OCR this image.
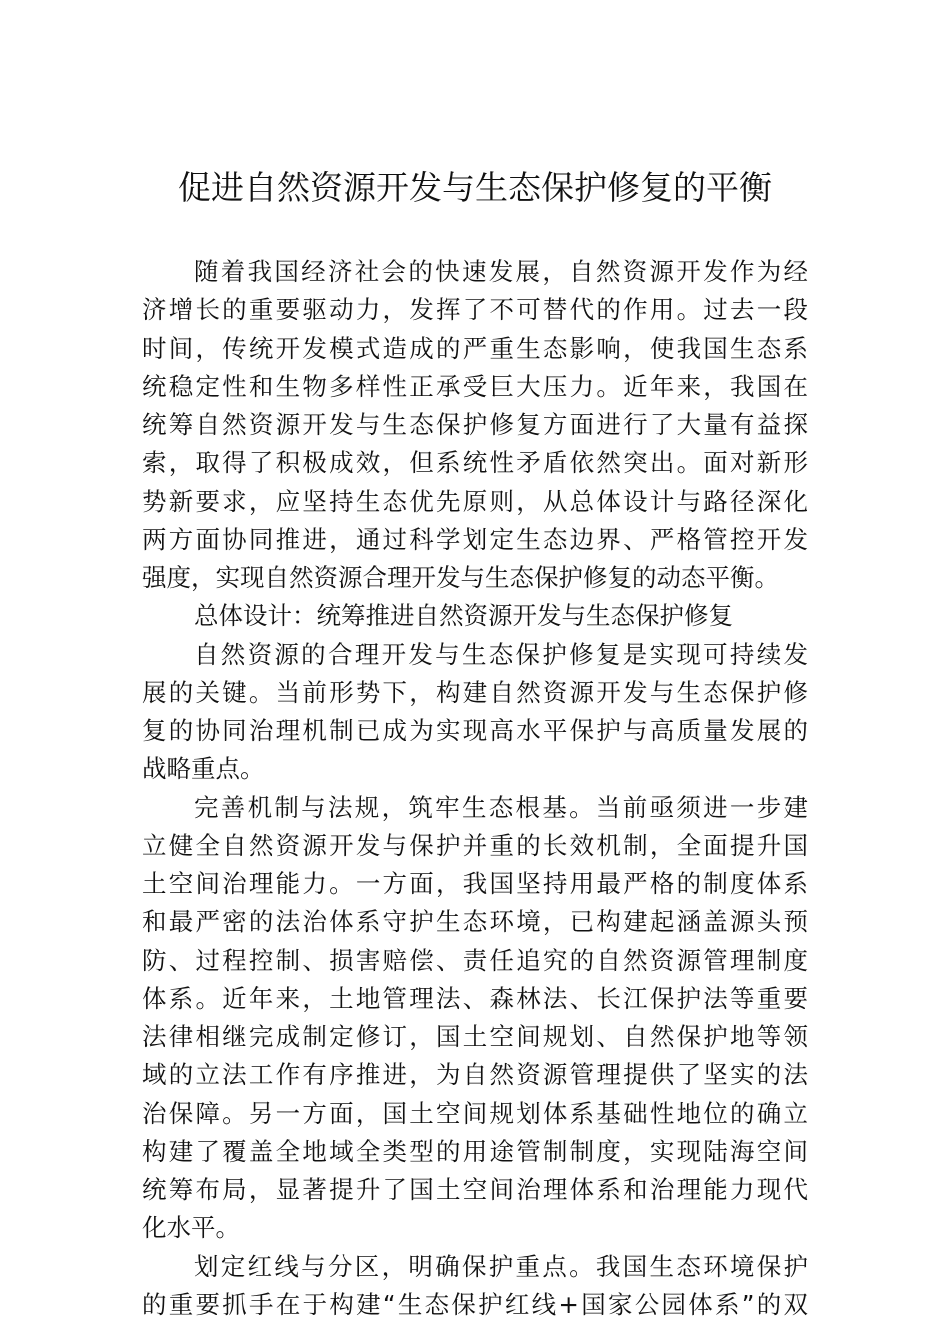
促进自然资源开发与生态保护修复的平衡
随着我国经济社会的快速发展，自然资源开发作为经
济增长的重要驱动力，发挥了不可替代的作用。过去一段
时间，传统开发模式造成的严重生态影响，使我国生态系
统稳定性和生物多样性正承受巨大压力。近年来，我国在
统筹自然资源开发与生态保护修复方面进行了大量有益探
索，取得了积极成效，但系统性矛盾依然突出。面对新形
势新要求，应坚持生态优先原则，从总体设计与路径深化
两方面协同推进，通过科学划定生态边界、严格管控开发
强度，实现自然资源合理开发与生态保护修复的动态平衡。
总体设计：统筹推进自然资源开发与生态保护修复
自然资源的合理开发与生态保护修复是实现可持续发
展的关键。当前形势下，构建自然资源开发与生态保护修
复的协同治理机制已成为实现高水平保护与高质量发展的
战略重点。
完善机制与法规，筑牢生态根基。当前亟须进一步建
立健全自然资源开发与保护并重的长效机制，全面提升国
土空间治理能力。一方面，我国坚持用最严格的制度体系
和最严密的法治体系守护生态环境，已构建起涵盖源头预
防、过程控制、损害赔偿、责任追究的自然资源管理制度
体系。近年来，土地管理法、森林法、长江保护法等重要
法律相继完成制定修订，国土空间规划、自然保护地等领
域的立法工作有序推进，为自然资源管理提供了坚实的法
治保障。另一方面，国土空间规划体系基础性地位的确立
构建了覆盖全地域全类型的用途管制制度，实现陆海空间
统筹布局，显著提升了国土空间治理体系和治理能力现代
化水平。
划定红线与分区，明确保护重点。我国生态环境保护
的重要抓手在于构建“生态保护红线+国家公园体系”的双
